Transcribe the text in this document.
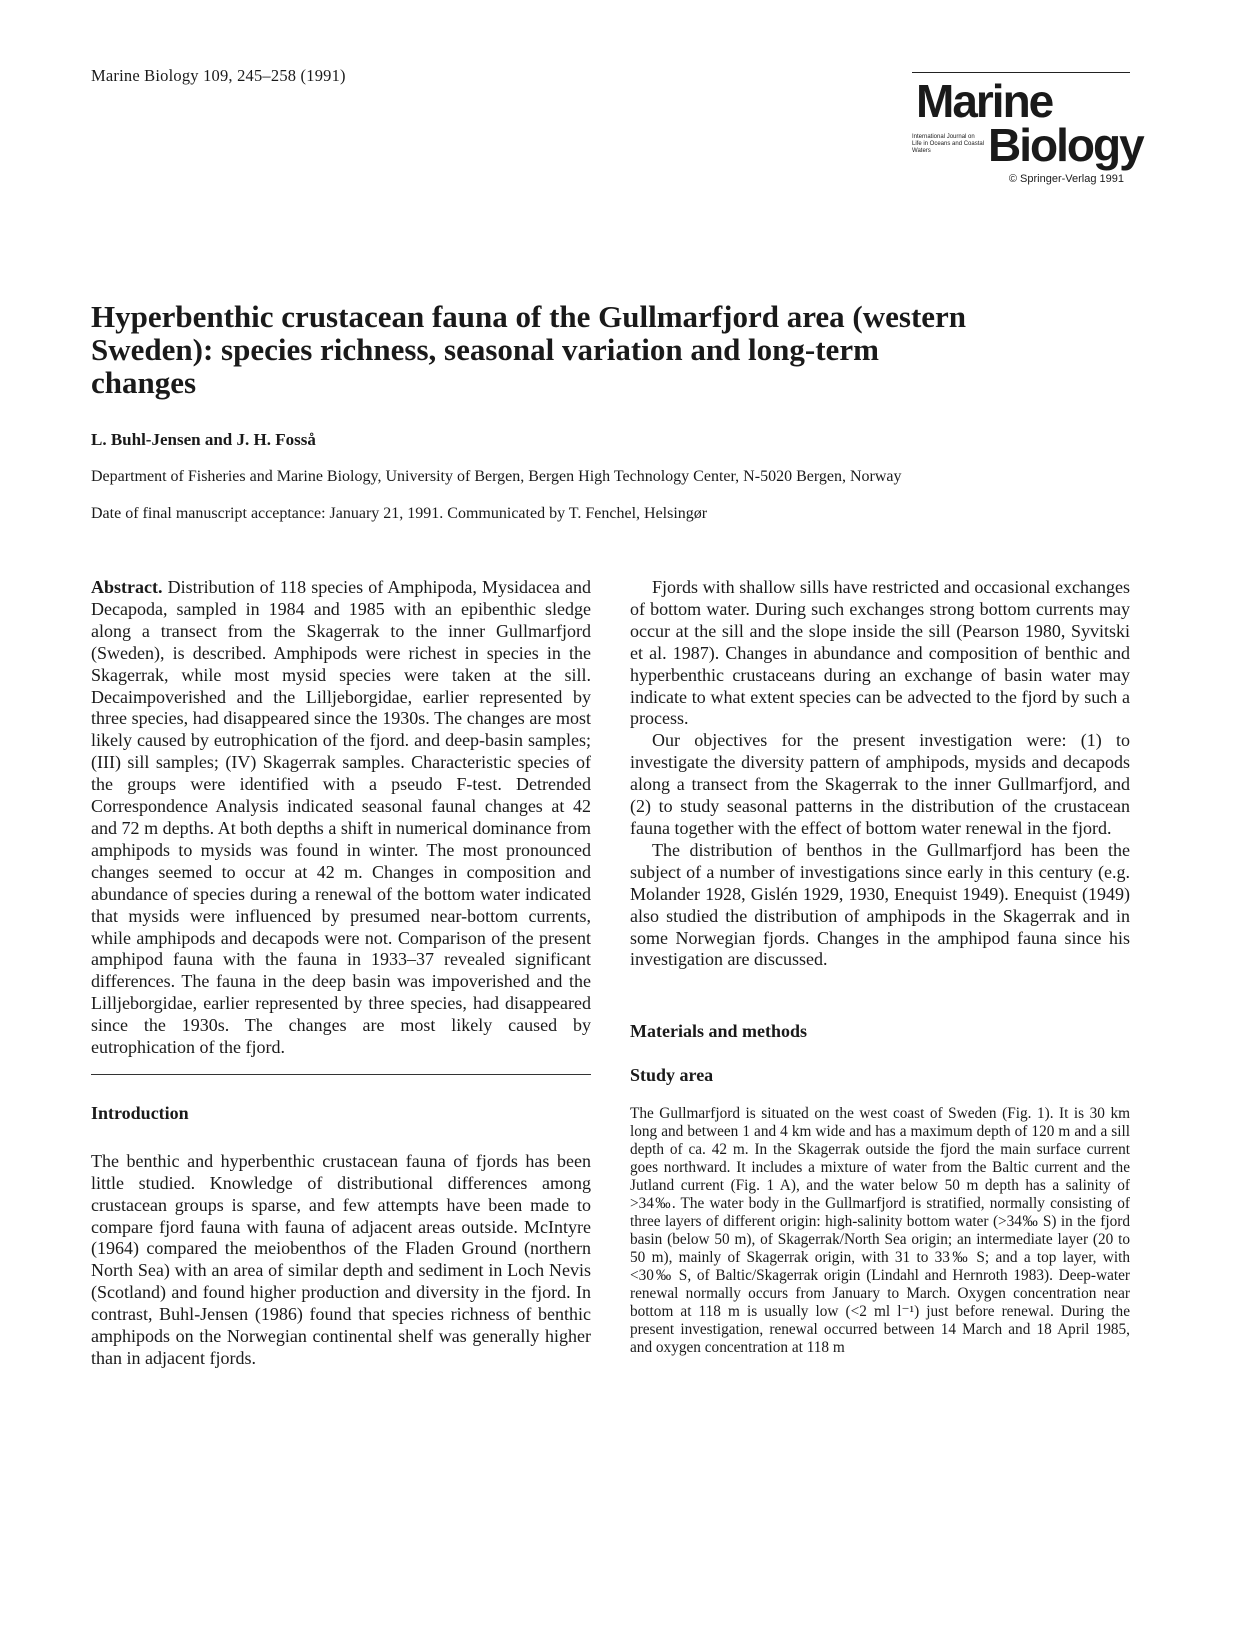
Marine Biology 109, 245–258 (1991)	Marine
International Journal on Life in Oceans and Coastal Waters	Biology
© Springer-Verlag 1991
Hyperbenthic crustacean fauna of the Gullmarfjord area (western Sweden): species richness, seasonal variation and long-term changes
L. Buhl-Jensen and J. H. Fosså
Department of Fisheries and Marine Biology, University of Bergen, Bergen High Technology Center, N-5020 Bergen, Norway
Date of final manuscript acceptance: January 21, 1991. Communicated by T. Fenchel, Helsingør

Abstract. Distribution of 118 species of Amphipoda, Mysidacea and Decapoda, sampled in 1984 and 1985 with an epibenthic sledge along a transect from the Skagerrak to the inner Gullmarfjord (Sweden), is described. Amphipods were richest in species in the Skagerrak, while most mysid species were taken at the sill. Decaimpoverished and the Lilljeborgidae, earlier represented by three species, had disappeared since the 1930s. The changes are most likely caused by eutrophication of the fjord. and deep-basin samples; (III) sill samples; (IV) Skagerrak samples. Characteristic species of the groups were identified with a pseudo F-test. Detrended Correspondence Analysis indicated seasonal faunal changes at 42 and 72 m depths. At both depths a shift in numerical dominance from amphipods to mysids was found in winter. The most pronounced changes seemed to occur at 42 m. Changes in composition and abundance of species during a renewal of the bottom water indicated that mysids were influenced by presumed near-bottom currents, while amphipods and decapods were not. Comparison of the present amphipod fauna with the fauna in 1933–37 revealed significant differences. The fauna in the deep basin was impoverished and the Lilljeborgidae, earlier represented by three species, had disappeared since the 1930s. The changes are most likely caused by eutrophication of the fjord.

Introduction

The benthic and hyperbenthic crustacean fauna of fjords has been little studied. Knowledge of distributional differences among crustacean groups is sparse, and few attempts have been made to compare fjord fauna with fauna of adjacent areas outside. McIntyre (1964) compared the meiobenthos of the Fladen Ground (northern North Sea) with an area of similar depth and sediment in Loch Nevis (Scotland) and found higher production and diversity in the fjord. In contrast, Buhl-Jensen (1986) found that species richness of benthic amphipods on the Norwegian continental shelf was generally higher than in adjacent fjords.

Fjords with shallow sills have restricted and occasional exchanges of bottom water. During such exchanges strong bottom currents may occur at the sill and the slope inside the sill (Pearson 1980, Syvitski et al. 1987). Changes in abundance and composition of benthic and hyperbenthic crustaceans during an exchange of basin water may indicate to what extent species can be advected to the fjord by such a process.

Our objectives for the present investigation were: (1) to investigate the diversity pattern of amphipods, mysids and decapods along a transect from the Skagerrak to the inner Gullmarfjord, and (2) to study seasonal patterns in the distribution of the crustacean fauna together with the effect of bottom water renewal in the fjord.

The distribution of benthos in the Gullmarfjord has been the subject of a number of investigations since early in this century (e.g. Molander 1928, Gislén 1929, 1930, Enequist 1949). Enequist (1949) also studied the distribution of amphipods in the Skagerrak and in some Norwegian fjords. Changes in the amphipod fauna since his investigation are discussed.

Materials and methods
Study area

The Gullmarfjord is situated on the west coast of Sweden (Fig. 1). It is 30 km long and between 1 and 4 km wide and has a maximum depth of 120 m and a sill depth of ca. 42 m. In the Skagerrak outside the fjord the main surface current goes northward. It includes a mixture of water from the Baltic current and the Jutland current (Fig. 1 A), and the water below 50 m depth has a salinity of >34‰. The water body in the Gullmarfjord is stratified, normally consisting of three layers of different origin: high-salinity bottom water (>34‰ S) in the fjord basin (below 50 m), of Skagerrak/North Sea origin; an intermediate layer (20 to 50 m), mainly of Skagerrak origin, with 31 to 33‰ S; and a top layer, with <30‰ S, of Baltic/Skagerrak origin (Lindahl and Hernroth 1983). Deep-water renewal normally occurs from January to March. Oxygen concentration near bottom at 118 m is usually low (<2 ml l⁻¹) just before renewal. During the present investigation, renewal occurred between 14 March and 18 April 1985, and oxygen concentration at 118 m
